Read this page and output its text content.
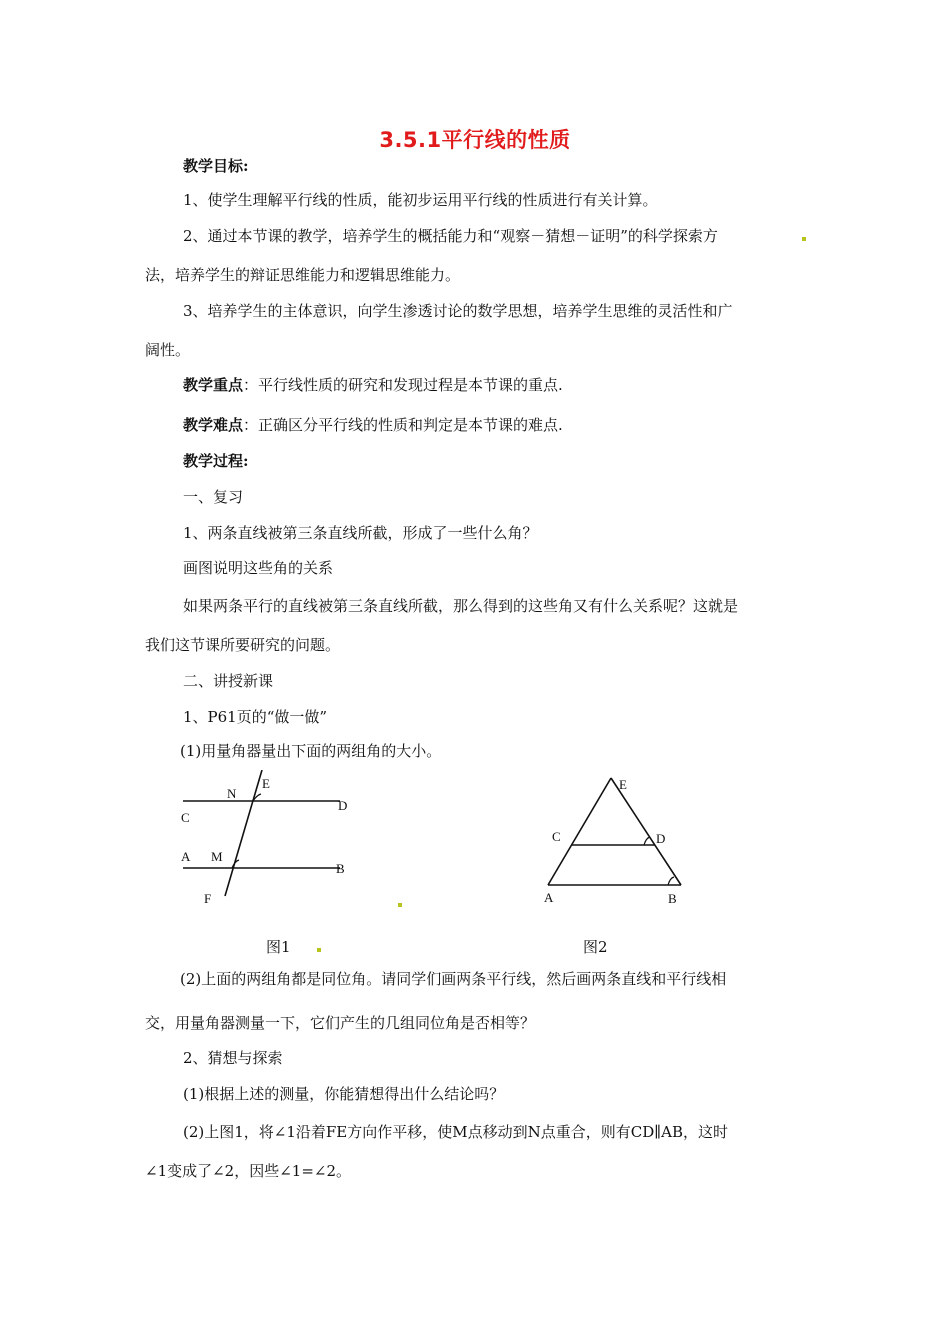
3.5.1平行线的性质
教学目标:
1、使学生理解平行线的性质，能初步运用平行线的性质进行有关计算。
2、通过本节课的教学，培养学生的概括能力和“观察－猜想－证明”的科学探索方
法，培养学生的辩证思维能力和逻辑思维能力。
3、培养学生的主体意识，向学生渗透讨论的数学思想，培养学生思维的灵活性和广
阔性。
教学重点：平行线性质的研究和发现过程是本节课的重点.
教学难点：正确区分平行线的性质和判定是本节课的难点.
教学过程:
一、复习
1、两条直线被第三条直线所截，形成了一些什么角？
画图说明这些角的关系
如果两条平行的直线被第三条直线所截，那么得到的这些角又有什么关系呢？这就是
我们这节课所要研究的问题。
二、讲授新课
1、P61页的“做一做”
(1)用量角器量出下面的两组角的大小。
N
E
D
C
A M
B
F
图1
E
C	D
A	B
图2
(2)上面的两组角都是同位角。请同学们画两条平行线，然后画两条直线和平行线相
交，用量角器测量一下，它们产生的几组同位角是否相等？
2、猜想与探索
(1)根据上述的测量，你能猜想得出什么结论吗？
(2)上图1，将∠1沿着FE方向作平移，使M点移动到N点重合，则有CD∥AB，这时
∠1变成了∠2，因些∠1=∠2。
